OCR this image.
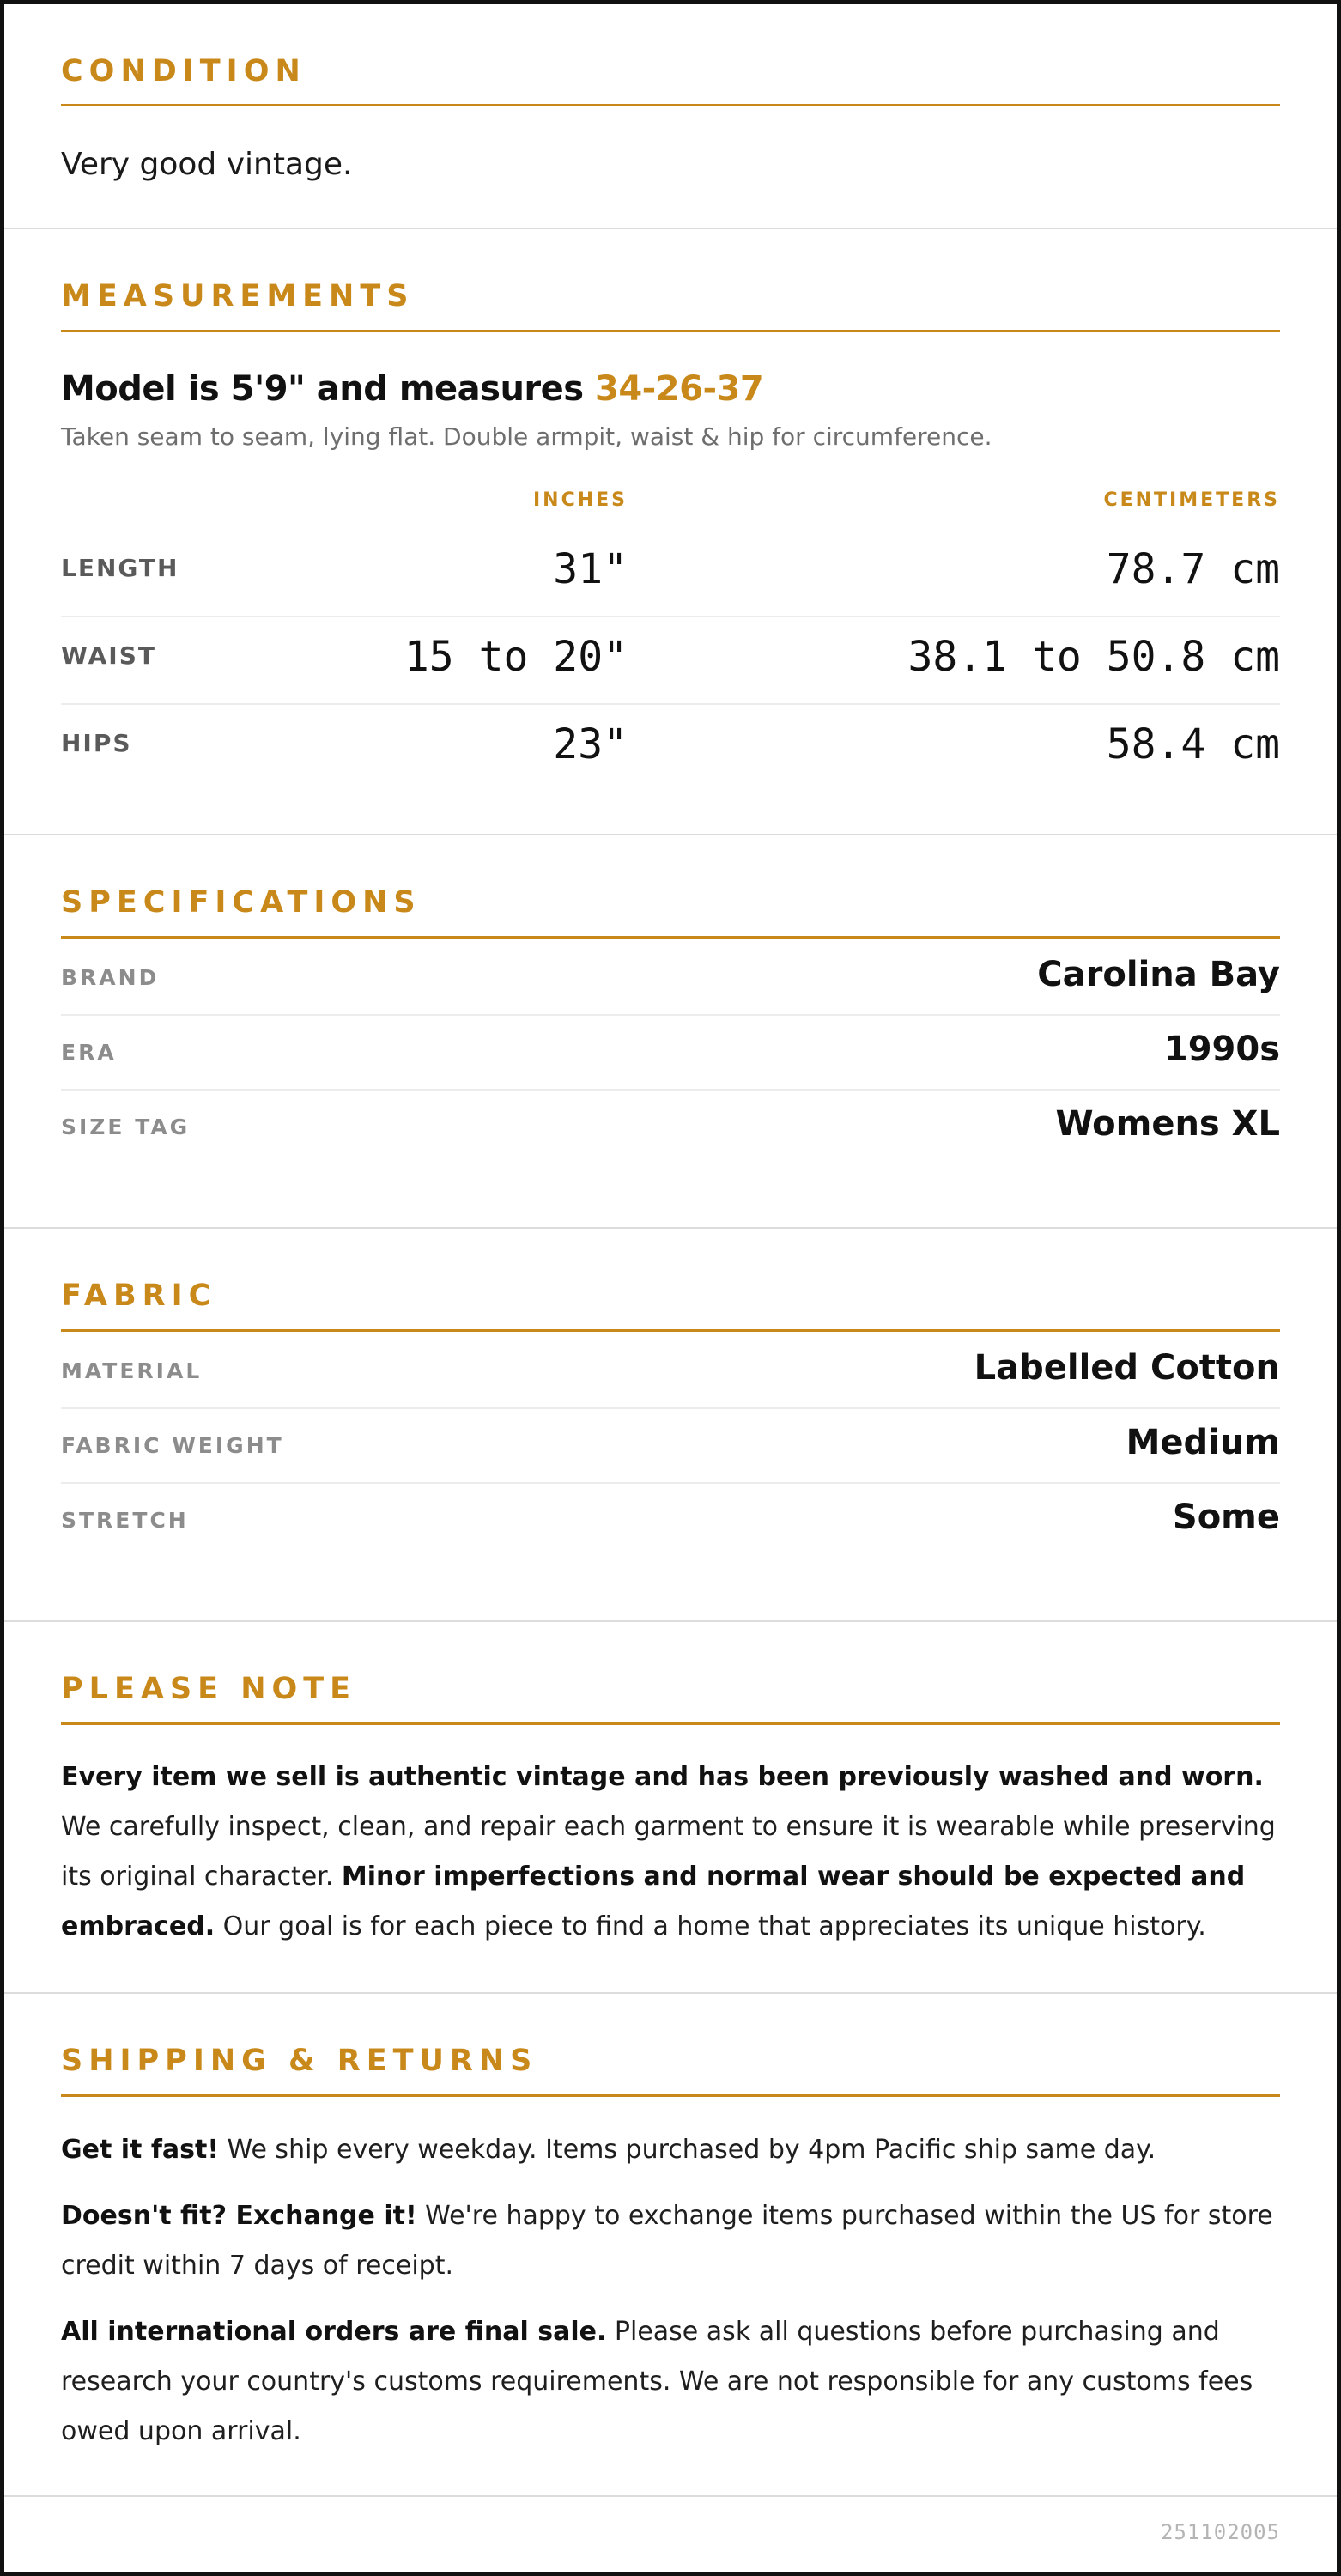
CONDITION
Very good vintage.
MEASUREMENTS
Model is 5'9" and measures 34-26-37
Taken seam to seam, lying flat. Double armpit, waist & hip for circumference.
INCHES	CENTIMETERS
LENGTH	31"	78.7 cm
WAIST	15 to 20"	38.1 to 50.8 cm
HIPS	23"	58.4 cm
SPECIFICATIONS
BRAND	Carolina Bay
ERA	1990s
SIZE TAG	Womens XL
FABRIC
MATERIAL	Labelled Cotton
FABRIC WEIGHT	Medium
STRETCH	Some
PLEASE NOTE
Every item we sell is authentic vintage and has been previously washed and worn. We carefully inspect, clean, and repair each garment to ensure it is wearable while preserving its original character. Minor imperfections and normal wear should be expected and embraced. Our goal is for each piece to find a home that appreciates its unique history.
SHIPPING & RETURNS
Get it fast! We ship every weekday. Items purchased by 4pm Pacific ship same day.
Doesn't fit? Exchange it! We're happy to exchange items purchased within the US for store credit within 7 days of receipt.
All international orders are final sale. Please ask all questions before purchasing and research your country's customs requirements. We are not responsible for any customs fees owed upon arrival.
251102005
